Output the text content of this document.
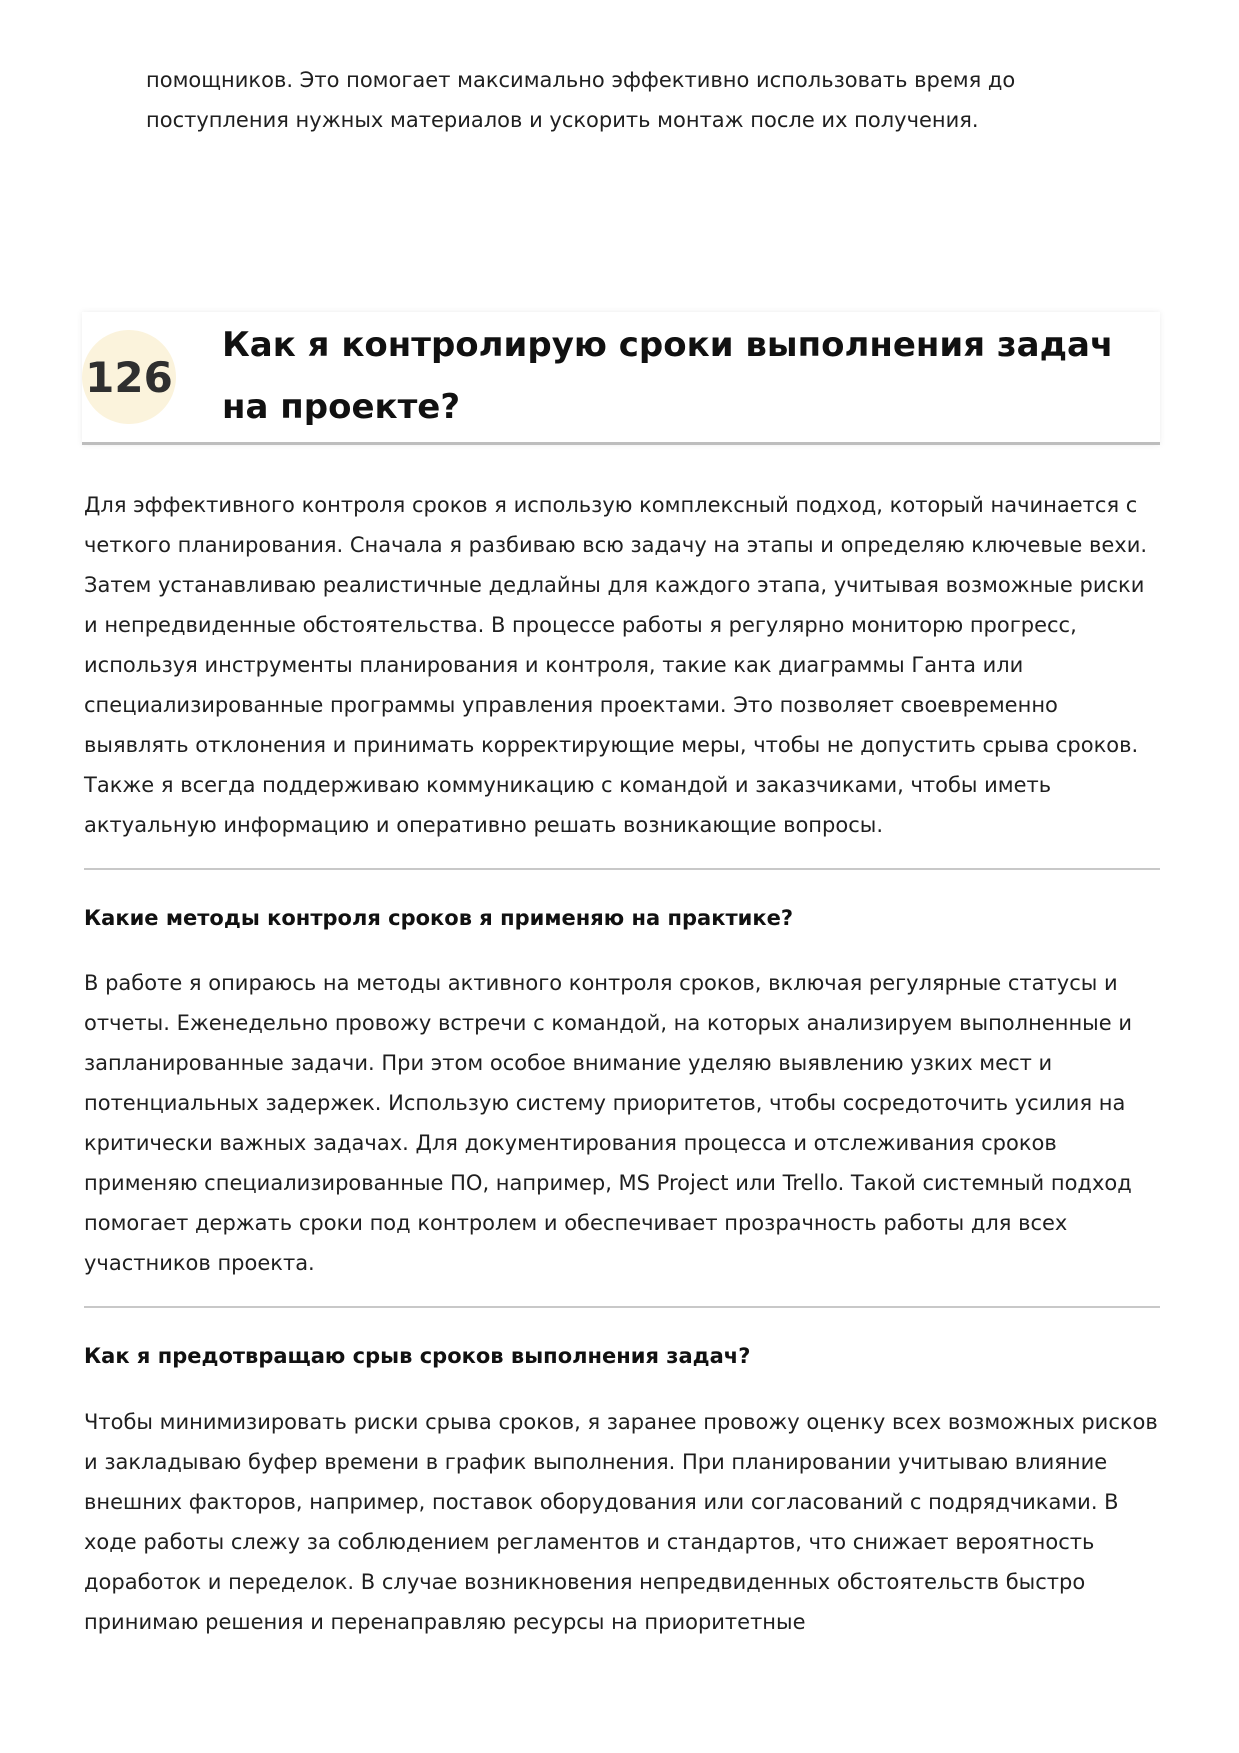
помощников. Это помогает максимально эффективно использовать время до поступления нужных материалов и ускорить монтаж после их получения.

126
Как я контролирую сроки выполнения задач на проекте?

Для эффективного контроля сроков я использую комплексный подход, который начинается с четкого планирования. Сначала я разбиваю всю задачу на этапы и определяю ключевые вехи. Затем устанавливаю реалистичные дедлайны для каждого этапа, учитывая возможные риски и непредвиденные обстоятельства. В процессе работы я регулярно мониторю прогресс, используя инструменты планирования и контроля, такие как диаграммы Ганта или специализированные программы управления проектами. Это позволяет своевременно выявлять отклонения и принимать корректирующие меры, чтобы не допустить срыва сроков. Также я всегда поддерживаю коммуникацию с командой и заказчиками, чтобы иметь актуальную информацию и оперативно решать возникающие вопросы.

Какие методы контроля сроков я применяю на практике?

В работе я опираюсь на методы активного контроля сроков, включая регулярные статусы и отчеты. Еженедельно провожу встречи с командой, на которых анализируем выполненные и запланированные задачи. При этом особое внимание уделяю выявлению узких мест и потенциальных задержек. Использую систему приоритетов, чтобы сосредоточить усилия на критически важных задачах. Для документирования процесса и отслеживания сроков применяю специализированные ПО, например, MS Project или Trello. Такой системный подход помогает держать сроки под контролем и обеспечивает прозрачность работы для всех участников проекта.

Как я предотвращаю срыв сроков выполнения задач?

Чтобы минимизировать риски срыва сроков, я заранее провожу оценку всех возможных рисков и закладываю буфер времени в график выполнения. При планировании учитываю влияние внешних факторов, например, поставок оборудования или согласований с подрядчиками. В ходе работы слежу за соблюдением регламентов и стандартов, что снижает вероятность доработок и переделок. В случае возникновения непредвиденных обстоятельств быстро принимаю решения и перенаправляю ресурсы на приоритетные
